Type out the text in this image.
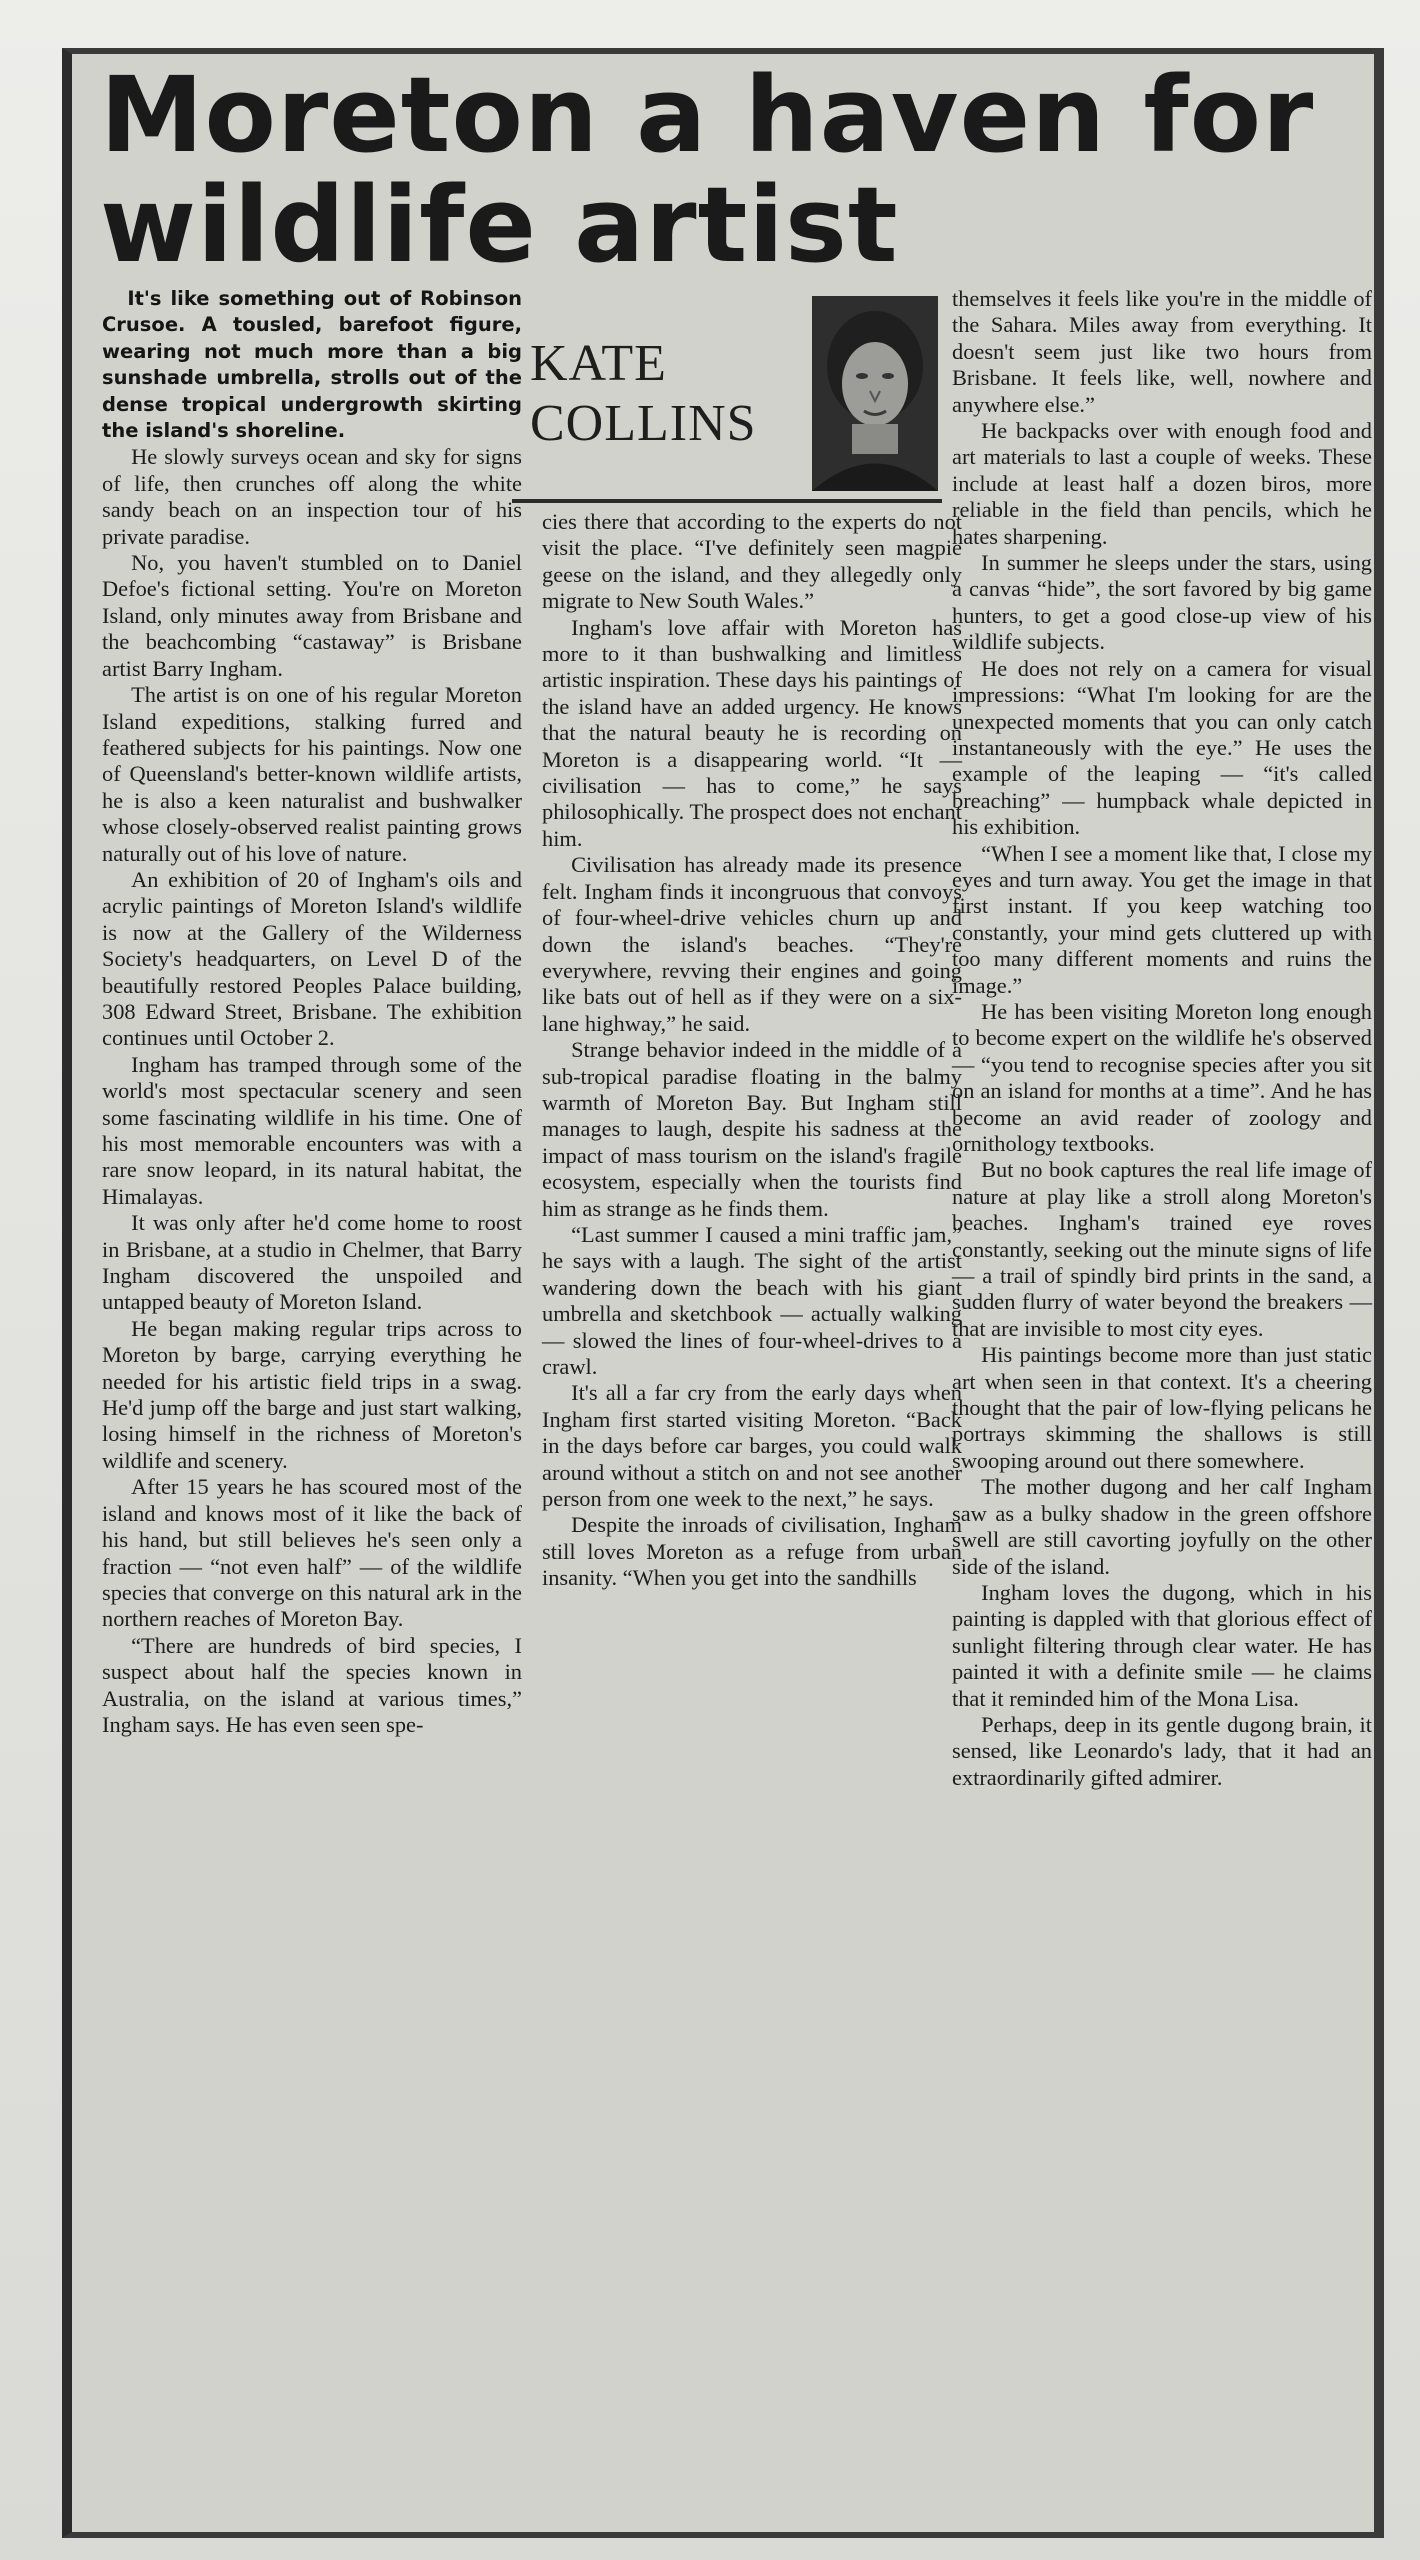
Moreton a haven for wildlife artist
KATE COLLINS

It's like something out of Robinson Crusoe. A tousled, barefoot figure, wearing not much more than a big sunshade umbrella, strolls out of the dense tropical undergrowth skirting the island's shoreline.

He slowly surveys ocean and sky for signs of life, then crunches off along the white sandy beach on an inspection tour of his private paradise.

No, you haven't stumbled on to Daniel Defoe's fictional setting. You're on Moreton Island, only minutes away from Brisbane and the beachcombing “castaway” is Brisbane artist Barry Ingham.

The artist is on one of his regular Moreton Island expeditions, stalking furred and feathered subjects for his paintings. Now one of Queensland's better-known wildlife artists, he is also a keen naturalist and bushwalker whose closely-observed realist painting grows naturally out of his love of nature.

An exhibition of 20 of Ingham's oils and acrylic paintings of Moreton Island's wildlife is now at the Gallery of the Wilderness Society's headquarters, on Level D of the beautifully restored Peoples Palace building, 308 Edward Street, Brisbane. The exhibition continues until October 2.

Ingham has tramped through some of the world's most spectacular scenery and seen some fascinating wildlife in his time. One of his most memorable encounters was with a rare snow leopard, in its natural habitat, the Himalayas.

It was only after he'd come home to roost in Brisbane, at a studio in Chelmer, that Barry Ingham discovered the unspoiled and untapped beauty of Moreton Island.

He began making regular trips across to Moreton by barge, carrying everything he needed for his artistic field trips in a swag. He'd jump off the barge and just start walking, losing himself in the richness of Moreton's wildlife and scenery.

After 15 years he has scoured most of the island and knows most of it like the back of his hand, but still believes he's seen only a fraction — “not even half” — of the wildlife species that converge on this natural ark in the northern reaches of Moreton Bay.

“There are hundreds of bird species, I suspect about half the species known in Australia, on the island at various times,” Ingham says. He has even seen spe-

cies there that according to the experts do not visit the place. “I've definitely seen magpie geese on the island, and they allegedly only migrate to New South Wales.”

Ingham's love affair with Moreton has more to it than bushwalking and limitless artistic inspiration. These days his paintings of the island have an added urgency. He knows that the natural beauty he is recording on Moreton is a disappearing world. “It — civilisation — has to come,” he says philosophically. The prospect does not enchant him.

Civilisation has already made its presence felt. Ingham finds it incongruous that convoys of four-wheel-drive vehicles churn up and down the island's beaches. “They're everywhere, revving their engines and going like bats out of hell as if they were on a six-lane highway,” he said.

Strange behavior indeed in the middle of a sub-tropical paradise floating in the balmy warmth of Moreton Bay. But Ingham still manages to laugh, despite his sadness at the impact of mass tourism on the island's fragile ecosystem, especially when the tourists find him as strange as he finds them.

“Last summer I caused a mini traffic jam,” he says with a laugh. The sight of the artist wandering down the beach with his giant umbrella and sketchbook — actually walking — slowed the lines of four-wheel-drives to a crawl.

It's all a far cry from the early days when Ingham first started visiting Moreton. “Back in the days before car barges, you could walk around without a stitch on and not see another person from one week to the next,” he says.

Despite the inroads of civilisation, Ingham still loves Moreton as a refuge from urban insanity. “When you get into the sandhills

themselves it feels like you're in the middle of the Sahara. Miles away from everything. It doesn't seem just like two hours from Brisbane. It feels like, well, nowhere and anywhere else.”

He backpacks over with enough food and art materials to last a couple of weeks. These include at least half a dozen biros, more reliable in the field than pencils, which he hates sharpening.

In summer he sleeps under the stars, using a canvas “hide”, the sort favored by big game hunters, to get a good close-up view of his wildlife subjects.

He does not rely on a camera for visual impressions: “What I'm looking for are the unexpected moments that you can only catch instantaneously with the eye.” He uses the example of the leaping — “it's called breaching” — humpback whale depicted in his exhibition.

“When I see a moment like that, I close my eyes and turn away. You get the image in that first instant. If you keep watching too constantly, your mind gets cluttered up with too many different moments and ruins the image.”

He has been visiting Moreton long enough to become expert on the wildlife he's observed — “you tend to recognise species after you sit on an island for months at a time”. And he has become an avid reader of zoology and ornithology textbooks.

But no book captures the real life image of nature at play like a stroll along Moreton's beaches. Ingham's trained eye roves constantly, seeking out the minute signs of life — a trail of spindly bird prints in the sand, a sudden flurry of water beyond the breakers — that are invisible to most city eyes.

His paintings become more than just static art when seen in that context. It's a cheering thought that the pair of low-flying pelicans he portrays skimming the shallows is still swooping around out there somewhere.

The mother dugong and her calf Ingham saw as a bulky shadow in the green offshore swell are still cavorting joyfully on the other side of the island.

Ingham loves the dugong, which in his painting is dappled with that glorious effect of sunlight filtering through clear water. He has painted it with a definite smile — he claims that it reminded him of the Mona Lisa.

Perhaps, deep in its gentle dugong brain, it sensed, like Leonardo's lady, that it had an extraordinarily gifted admirer.
